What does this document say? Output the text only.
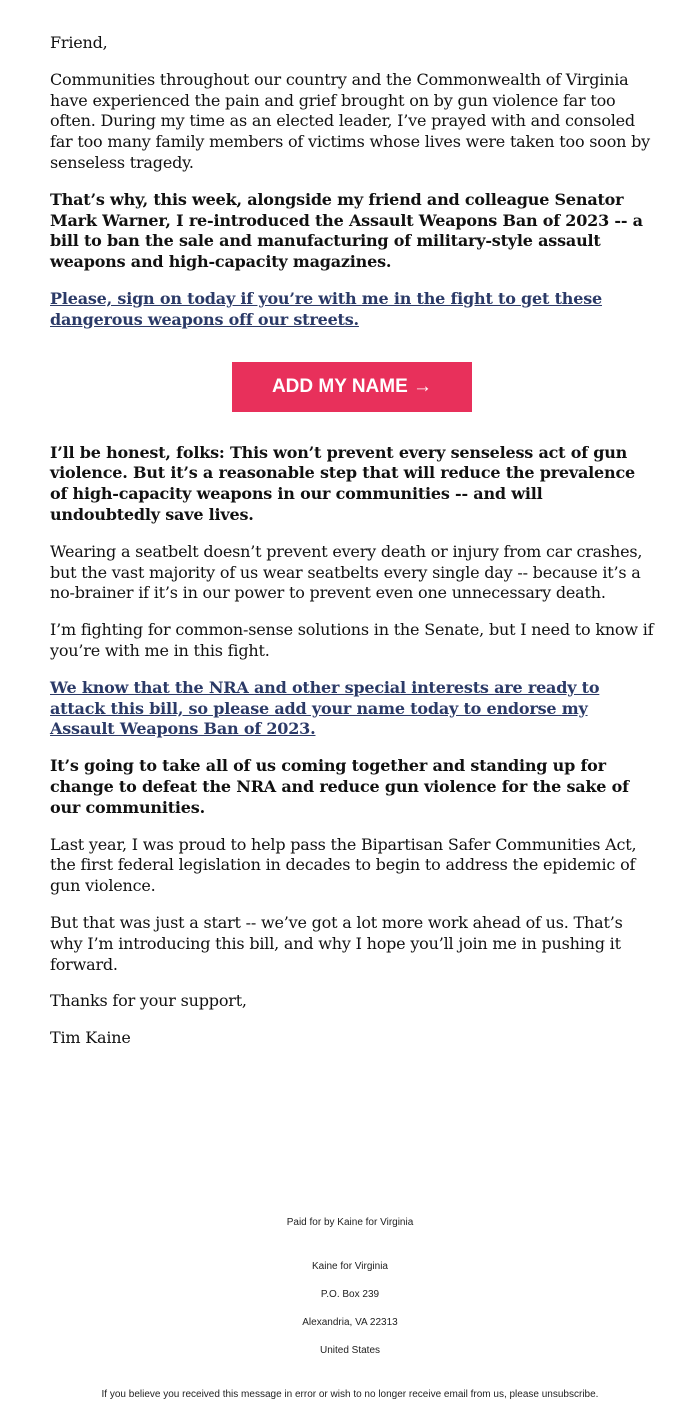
Friend,

Communities throughout our country and the Commonwealth of Virginia have experienced the pain and grief brought on by gun violence far too often. During my time as an elected leader, I’ve prayed with and consoled far too many family members of victims whose lives were taken too soon by senseless tragedy.

That’s why, this week, alongside my friend and colleague Senator Mark Warner, I re-introduced the Assault Weapons Ban of 2023 -- a bill to ban the sale and manufacturing of military-style assault weapons and high-capacity magazines.

Please, sign on today if you’re with me in the fight to get these dangerous weapons off our streets.

ADD MY NAME →

I’ll be honest, folks: This won’t prevent every senseless act of gun violence. But it’s a reasonable step that will reduce the prevalence of high-capacity weapons in our communities -- and will undoubtedly save lives.

Wearing a seatbelt doesn’t prevent every death or injury from car crashes, but the vast majority of us wear seatbelts every single day -- because it’s a no-brainer if it’s in our power to prevent even one unnecessary death.

I’m fighting for common-sense solutions in the Senate, but I need to know if you’re with me in this fight.

We know that the NRA and other special interests are ready to attack this bill, so please add your name today to endorse my Assault Weapons Ban of 2023.

It’s going to take all of us coming together and standing up for change to defeat the NRA and reduce gun violence for the sake of our communities.

Last year, I was proud to help pass the Bipartisan Safer Communities Act, the first federal legislation in decades to begin to address the epidemic of gun violence.

But that was just a start -- we’ve got a lot more work ahead of us. That’s why I’m introducing this bill, and why I hope you’ll join me in pushing it forward.

Thanks for your support,

Tim Kaine

Paid for by Kaine for Virginia
Kaine for Virginia
P.O. Box 239
Alexandria, VA 22313
United States
If you believe you received this message in error or wish to no longer receive email from us, please unsubscribe.
